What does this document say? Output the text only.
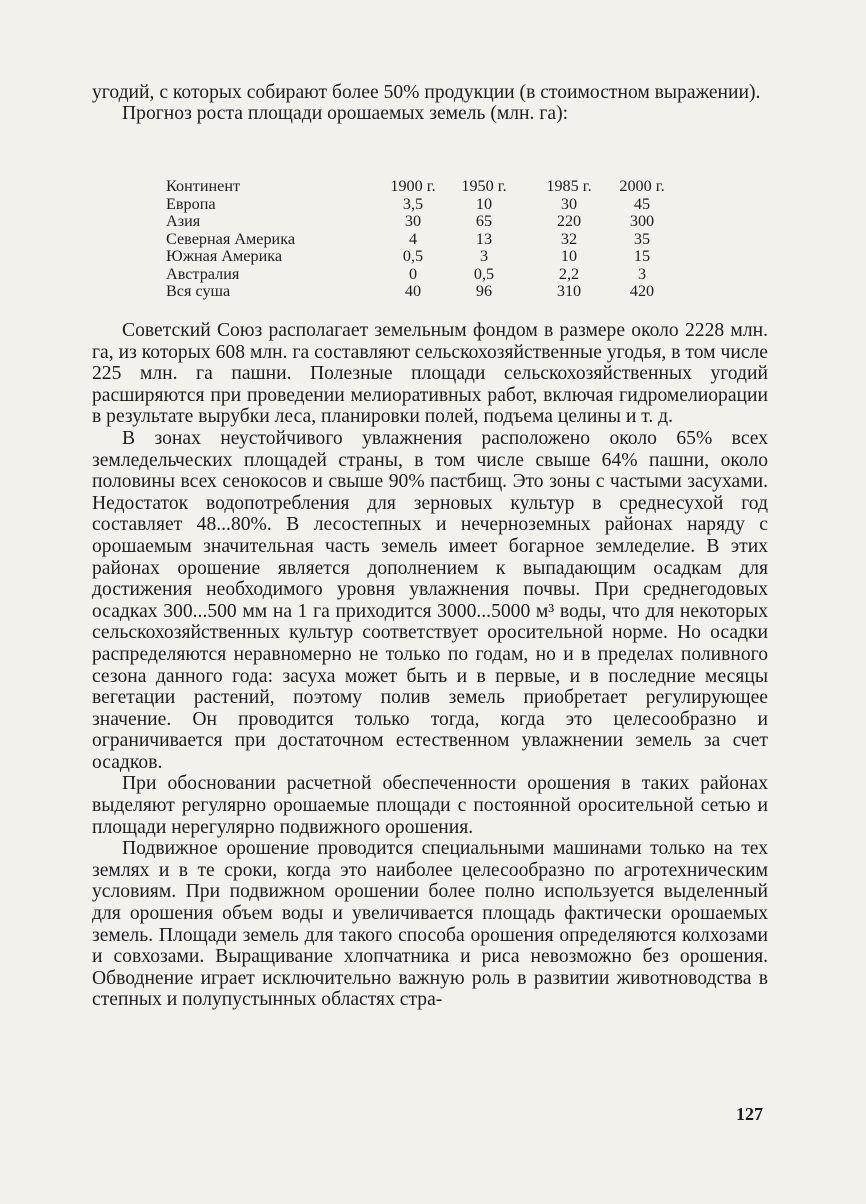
угодий, с которых собирают более 50% продукции (в стоимостном выражении).

Прогноз роста площади орошаемых земель (млн. га):

Континент	1900 г.	1950 г.	1985 г.	2000 г.
Европа	3,5	10	30	45
Азия	30	65	220	300
Северная Америка	4	13	32	35
Южная Америка	0,5	3	10	15
Австралия	0	0,5	2,2	3
Вся суша	40	96	310	420

Советский Союз располагает земельным фондом в размере около 2228 млн. га, из которых 608 млн. га составляют сельскохозяйственные угодья, в том числе 225 млн. га пашни. Полезные площади сельскохозяйственных угодий расширяются при проведении мелиоративных работ, включая гидромелиорации в результате вырубки леса, планировки полей, подъема целины и т. д.

В зонах неустойчивого увлажнения расположено около 65% всех земледельческих площадей страны, в том числе свыше 64% пашни, около половины всех сенокосов и свыше 90% пастбищ. Это зоны с частыми засухами. Недостаток водопотребления для зерновых культур в среднесухой год составляет 48...80%. В лесостепных и нечерноземных районах наряду с орошаемым значительная часть земель имеет богарное земледелие. В этих районах орошение является дополнением к выпадающим осадкам для достижения необходимого уровня увлажнения почвы. При среднегодовых осадках 300...500 мм на 1 га приходится 3000...5000 м³ воды, что для некоторых сельскохозяйственных культур соответствует оросительной норме. Но осадки распределяются неравномерно не только по годам, но и в пределах поливного сезона данного года: засуха может быть и в первые, и в последние месяцы вегетации растений, поэтому полив земель приобретает регулирующее значение. Он проводится только тогда, когда это целесообразно и ограничивается при достаточном естественном увлажнении земель за счет осадков.

При обосновании расчетной обеспеченности орошения в таких районах выделяют регулярно орошаемые площади с постоянной оросительной сетью и площади нерегулярно подвижного орошения.

Подвижное орошение проводится специальными машинами только на тех землях и в те сроки, когда это наиболее целесообразно по агротехническим условиям. При подвижном орошении более полно используется выделенный для орошения объем воды и увеличивается площадь фактически орошаемых земель. Площади земель для такого способа орошения определяются колхозами и совхозами. Выращивание хлопчатника и риса невозможно без орошения. Обводнение играет исключительно важную роль в развитии животноводства в степных и полупустынных областях стра-

127
